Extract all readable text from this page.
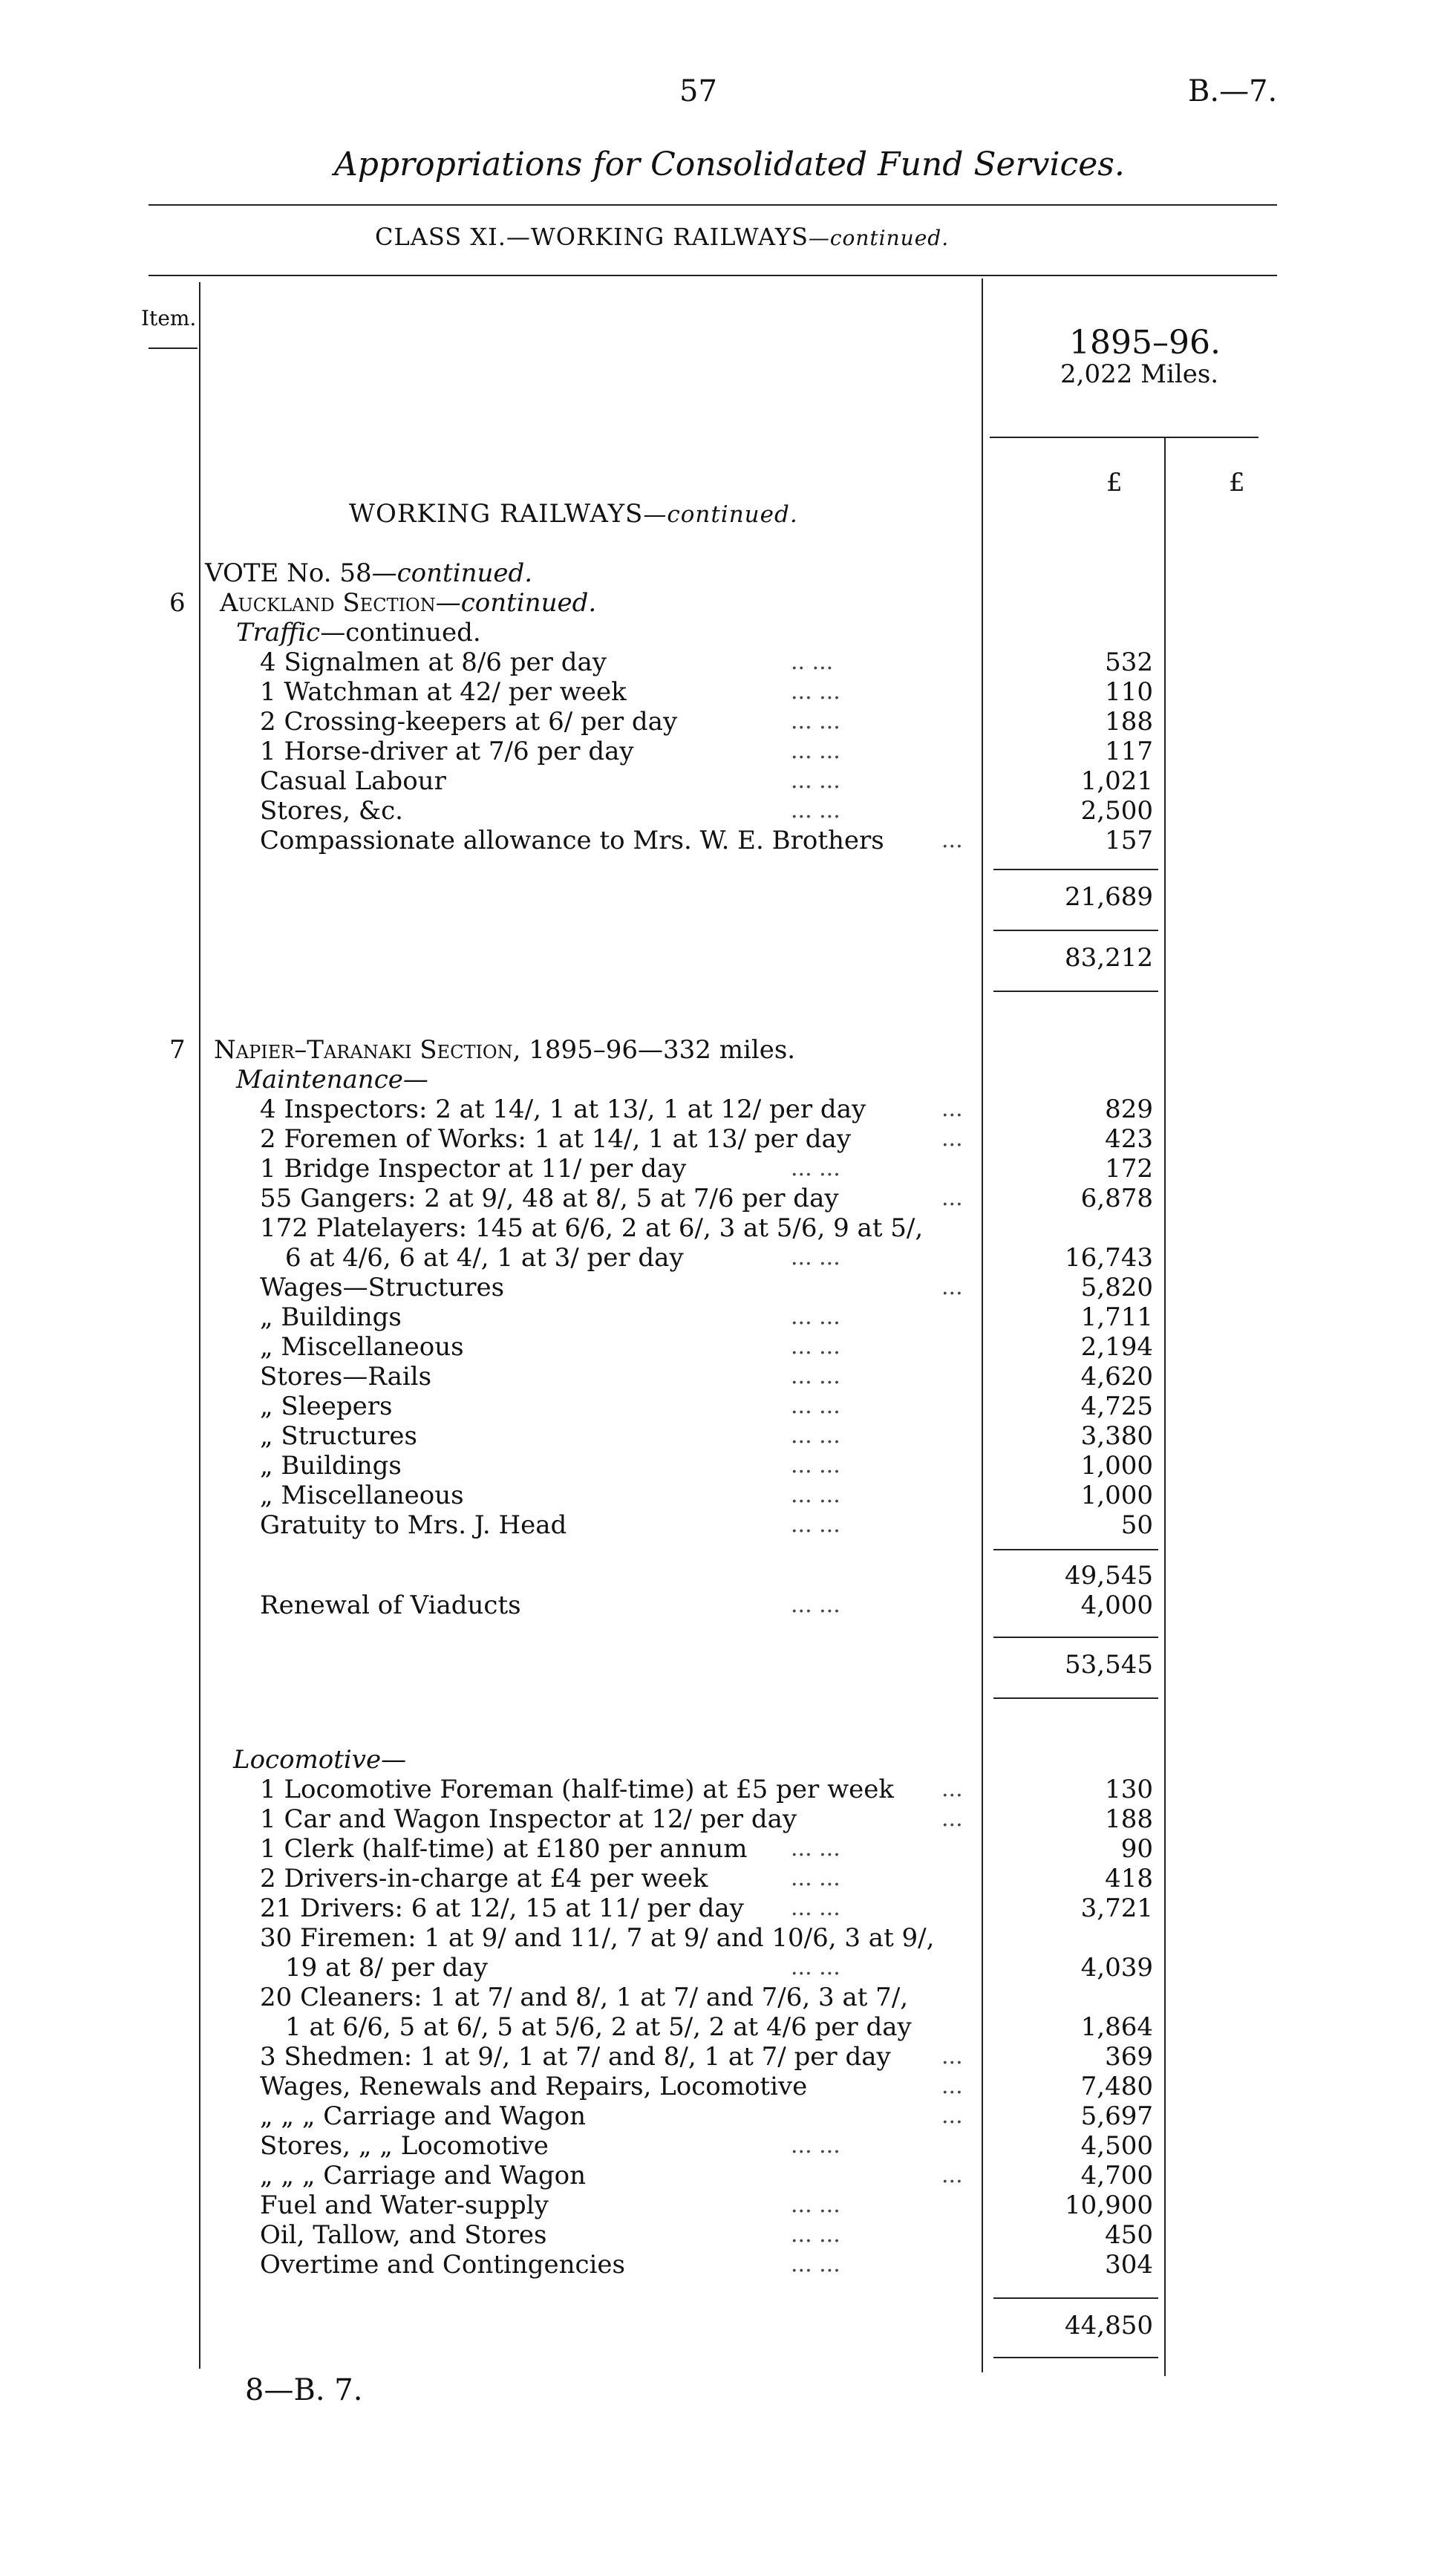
57	B.—7.
Appropriations for Consolidated Fund Services.
CLASS XI.—WORKING RAILWAYS—continued.
Item.
1895–96.
2,022 Miles.
£	£
WORKING RAILWAYS—continued.
VOTE No. 58—continued.
6 Auckland Section—continued.
Traffic—continued.
4 Signalmen at 8/6 per day	.. ...	532
1 Watchman at 42/ per week	... ...	110
2 Crossing-keepers at 6/ per day	... ...	188
1 Horse-driver at 7/6 per day	... ...	117
Casual Labour	... ...	1,021
Stores, &c.	... ...	2,500
Compassionate allowance to Mrs. W. E. Brothers	...	157
21,689
83,212
7 Napier–Taranaki Section, 1895–96—332 miles.
Maintenance—
4 Inspectors: 2 at 14/, 1 at 13/, 1 at 12/ per day	...	829
2 Foremen of Works: 1 at 14/, 1 at 13/ per day	...	423
1 Bridge Inspector at 11/ per day	... ...	172
55 Gangers: 2 at 9/, 48 at 8/, 5 at 7/6 per day	...	6,878
172 Platelayers: 145 at 6/6, 2 at 6/, 3 at 5/6, 9 at 5/,
6 at 4/6, 6 at 4/, 1 at 3/ per day	... ...	16,743
Wages—Structures	...	5,820
„ Buildings	... ...	1,711
„ Miscellaneous	... ...	2,194
Stores—Rails	... ...	4,620
„ Sleepers	... ...	4,725
„ Structures	... ...	3,380
„ Buildings	... ...	1,000
„ Miscellaneous	... ...	1,000
Gratuity to Mrs. J. Head	... ...	50
49,545
Renewal of Viaducts	... ...	4,000
53,545
Locomotive—
1 Locomotive Foreman (half-time) at £5 per week ...	130
1 Car and Wagon Inspector at 12/ per day	...	188
1 Clerk (half-time) at £180 per annum ... ...	90
2 Drivers-in-charge at £4 per week	... ...	418
21 Drivers: 6 at 12/, 15 at 11/ per day ... ...	3,721
30 Firemen: 1 at 9/ and 11/, 7 at 9/ and 10/6, 3 at 9/,
19 at 8/ per day	... ...	4,039
20 Cleaners: 1 at 7/ and 8/, 1 at 7/ and 7/6, 3 at 7/,
1 at 6/6, 5 at 6/, 5 at 5/6, 2 at 5/, 2 at 4/6 per day	1,864
3 Shedmen: 1 at 9/, 1 at 7/ and 8/, 1 at 7/ per day ...	369
Wages, Renewals and Repairs, Locomotive	...	7,480
„ „ „ Carriage and Wagon	...	5,697
Stores, „ „ Locomotive	... ...	4,500
„ „ „ Carriage and Wagon	...	4,700
Fuel and Water-supply	... ...	10,900
Oil, Tallow, and Stores	... ...	450
Overtime and Contingencies	... ...	304
44,850
8—B. 7.
